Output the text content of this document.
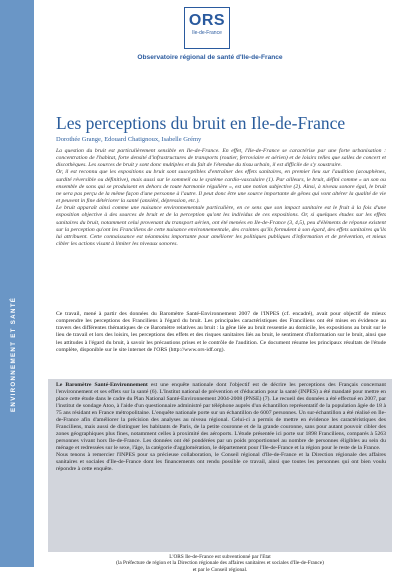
ENVIRONNEMENT ET SANTÉ
ORS
Ile-de-France
Observatoire régional de santé d'Ile-de-France
Les perceptions du bruit en Ile-de-France
Dorothée Grange, Edouard Chatignoux, Isabelle Grémy

La question du bruit est particulièrement sensible en Ile-de-France. En effet, l'Ile-de-France se caractérise par une forte urbanisation : concentration de l'habitat, forte densité d'infrastructures de transports (routier, ferroviaire et aérien) et de loisirs telles que salles de concert et discothèques. Les sources de bruit y sont donc multiples et du fait de l'étendue du tissu urbain, il est difficile de s'y soustraire.

Or, il est reconnu que les expositions au bruit sont susceptibles d'entraîner des effets sanitaires, en premier lieu sur l'audition (acouphènes, surdité réversible ou définitive), mais aussi sur le sommeil ou le système cardio-vasculaire (1). Par ailleurs, le bruit, défini comme « un son ou ensemble de sons qui se produisent en dehors de toute harmonie régulière », est une notion subjective (2). Ainsi, à niveau sonore égal, le bruit ne sera pas perçu de la même façon d'une personne à l'autre. Il peut donc être une source importante de gênes qui vont altérer la qualité de vie et peuvent in fine détériorer la santé (anxiété, dépression, etc.).

Le bruit apparaît ainsi comme une nuisance environnementale particulière, en ce sens que son impact sanitaire est le fruit à la fois d'une exposition objective à des sources de bruit et de la perception qu'ont les individus de ces expositions. Or, si quelques études sur les effets sanitaires du bruit, notamment celui provenant du transport aérien, ont été menées en Ile-de-France (3, 4,5), peu d'éléments de réponse existent sur la perception qu'ont les Franciliens de cette nuisance environnementale, des craintes qu'ils formulent à son égard, des effets sanitaires qu'ils lui attribuent. Cette connaissance est néanmoins importante pour améliorer les politiques publiques d'information et de prévention, et mieux cibler les actions visant à limiter les niveaux sonores.

Ce travail, mené à partir des données du Baromètre Santé-Environnement 2007 de l'INPES (cf. encadré), avait pour objectif de mieux comprendre les perceptions des Franciliens à l'égard du bruit. Les principales caractéristiques des Franciliens ont été mises en évidence au travers des différentes thématiques de ce Baromètre relatives au bruit : la gêne liée au bruit ressentie au domicile, les expositions au bruit sur le lieu de travail et lors des loisirs, les perceptions des effets et des risques sanitaires liés au bruit, le sentiment d'information sur le bruit, ainsi que les attitudes à l'égard du bruit, à savoir les précautions prises et le contrôle de l'audition. Ce document résume les principaux résultats de l'étude complète, disponible sur le site internet de l'ORS (http://www.ors-idf.org).

Le Baromètre Santé-Environnement est une enquête nationale dont l'objectif est de décrire les perceptions des Français concernant l'environnement et ses effets sur la santé (6). L'Institut national de prévention et d'éducation pour la santé (INPES) a été mandaté pour mettre en place cette étude dans le cadre du Plan National Santé-Environnement 2004-2008 (PNSE) (7). Le recueil des données a été effectué en 2007, par l'institut de sondage Atoo, à l'aide d'un questionnaire administré par téléphone auprès d'un échantillon représentatif de la population âgée de 18 à 75 ans résidant en France métropolitaine. L'enquête nationale porte sur un échantillon de 6007 personnes. Un sur-échantillon a été réalisé en Ile-de-France afin d'améliorer la précision des analyses au niveau régional. Celui-ci a permis de mettre en évidence les caractéristiques des Franciliens, mais aussi de distinguer les habitants de Paris, de la petite couronne et de la grande couronne, sans pour autant pouvoir cibler des zones géographiques plus fines, notamment celles à proximité des aéroports. L'étude présentée ici porte sur 1898 Franciliens, comparés à 5263 personnes vivant hors Ile-de-France. Les données ont été pondérées par un poids proportionnel au nombre de personnes éligibles au sein du ménage et redressées sur le sexe, l'âge, la catégorie d'agglomération, le département pour l'Ile-de-France et la région pour le reste de la France.

Nous tenons à remercier l'INPES pour sa précieuse collaboration, le Conseil régional d'Ile-de-France et la Direction régionale des affaires sanitaires et sociales d'Ile-de-France dont les financements ont rendu possible ce travail, ainsi que toutes les personnes qui ont bien voulu répondre à cette enquête.

L'ORS Ile-de-France est subventionné par l'Etat
(la Préfecture de région et la Direction régionale des affaires sanitaires et sociales d'Ile-de-France)
et par le Conseil régional.
